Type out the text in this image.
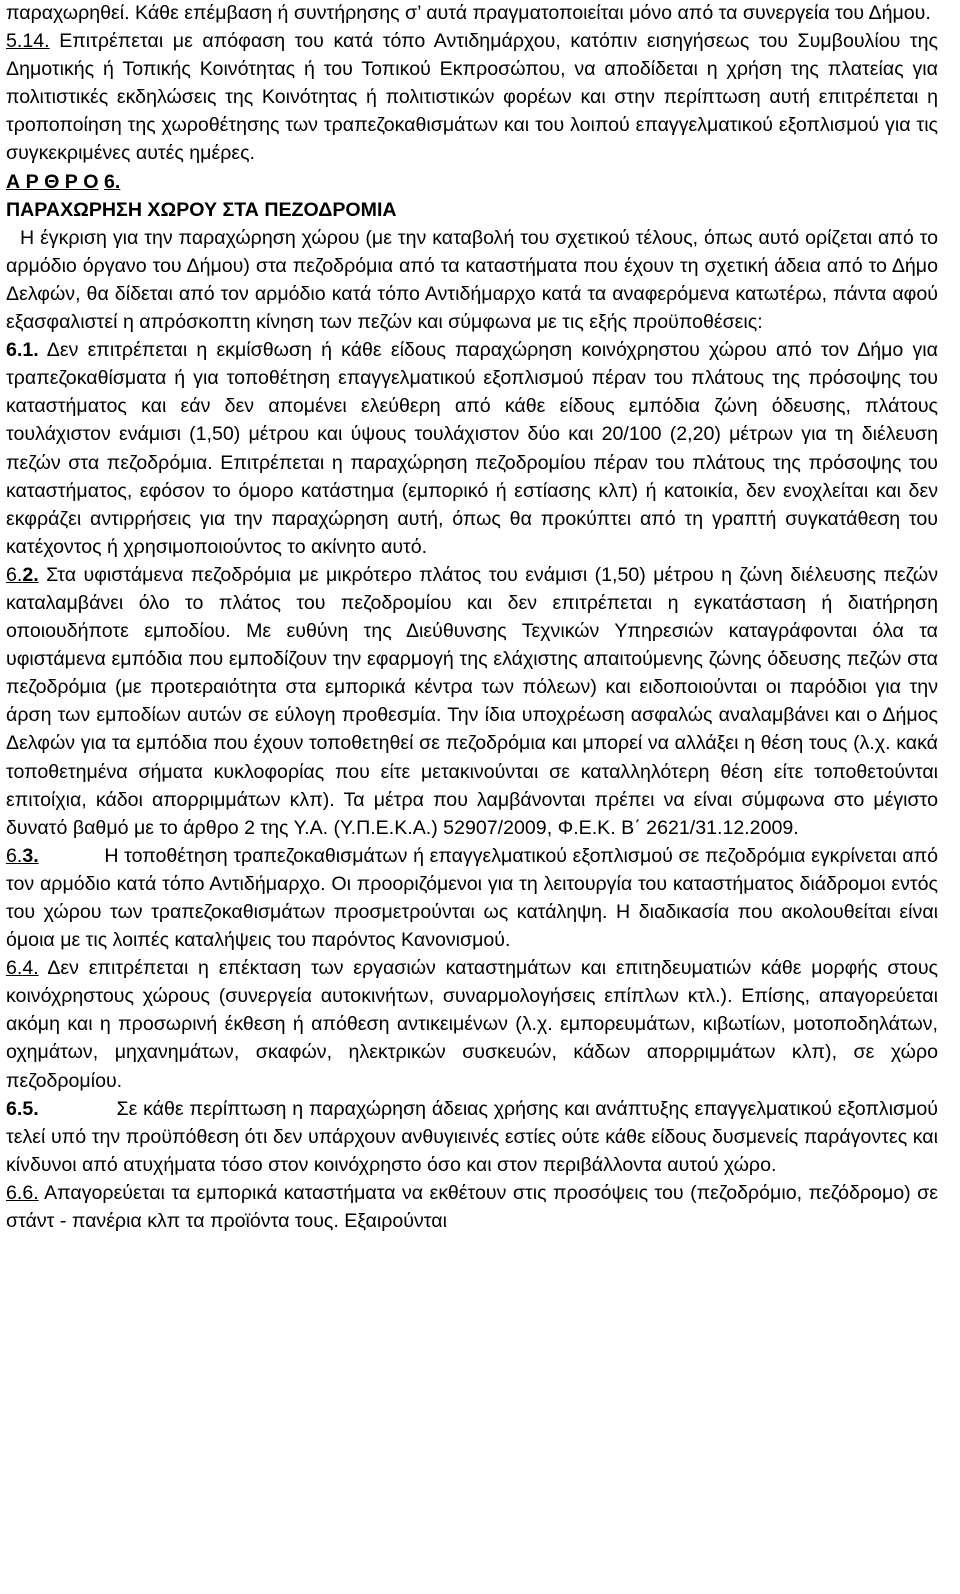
παραχωρηθεί. Κάθε επέμβαση ή συντήρησης σ’ αυτά πραγματοποιείται μόνο από τα συνεργεία του Δήμου.

5.14. Επιτρέπεται με απόφαση του κατά τόπο Αντιδημάρχου, κατόπιν εισηγήσεως του Συμβουλίου της Δημοτικής ή Τοπικής Κοινότητας ή του Τοπικού Εκπροσώπου, να αποδίδεται η χρήση της πλατείας για πολιτιστικές εκδηλώσεις της Κοινότητας ή πολιτιστικών φορέων και στην περίπτωση αυτή επιτρέπεται η τροποποίηση της χωροθέτησης των τραπεζοκαθισμάτων και του λοιπού επαγγελματικού εξοπλισμού για τις συγκεκριμένες αυτές ημέρες.

Α Ρ Θ Ρ Ο 6.

ΠΑΡΑΧΩΡΗΣΗ ΧΩΡΟΥ ΣΤΑ ΠΕΖΟΔΡΟΜΙΑ

Η έγκριση για την παραχώρηση χώρου (με την καταβολή του σχετικού τέλους, όπως αυτό ορίζεται από το αρμόδιο όργανο του Δήμου) στα πεζοδρόμια από τα καταστήματα που έχουν τη σχετική άδεια από το Δήμο Δελφών, θα δίδεται από τον αρμόδιο κατά τόπο Αντιδήμαρχο κατά τα αναφερόμενα κατωτέρω, πάντα αφού εξασφαλιστεί η απρόσκοπτη κίνηση των πεζών και σύμφωνα με τις εξής προϋποθέσεις:

6.1. Δεν επιτρέπεται η εκμίσθωση ή κάθε είδους παραχώρηση κοινόχρηστου χώρου από τον Δήμο για τραπεζοκαθίσματα ή για τοποθέτηση επαγγελματικού εξοπλισμού πέραν του πλάτους της πρόσοψης του καταστήματος και εάν δεν απομένει ελεύθερη από κάθε είδους εμπόδια ζώνη όδευσης, πλάτους τουλάχιστον ενάμισι (1,50) μέτρου και ύψους τουλάχιστον δύο και 20/100 (2,20) μέτρων για τη διέλευση πεζών στα πεζοδρόμια. Επιτρέπεται η παραχώρηση πεζοδρομίου πέραν του πλάτους της πρόσοψης του καταστήματος, εφόσον το όμορο κατάστημα (εμπορικό ή εστίασης κλπ) ή κατοικία, δεν ενοχλείται και δεν εκφράζει αντιρρήσεις για την παραχώρηση αυτή, όπως θα προκύπτει από τη γραπτή συγκατάθεση του κατέχοντος ή χρησιμοποιούντος το ακίνητο αυτό.

6.2. Στα υφιστάμενα πεζοδρόμια με μικρότερο πλάτος του ενάμισι (1,50) μέτρου η ζώνη διέλευσης πεζών καταλαμβάνει όλο το πλάτος του πεζοδρομίου και δεν επιτρέπεται η εγκατάσταση ή διατήρηση οποιουδήποτε εμποδίου. Με ευθύνη της Διεύθυνσης Τεχνικών Υπηρεσιών καταγράφονται όλα τα υφιστάμενα εμπόδια που εμποδίζουν την εφαρμογή της ελάχιστης απαιτούμενης ζώνης όδευσης πεζών στα πεζοδρόμια (με προτεραιότητα στα εμπορικά κέντρα των πόλεων) και ειδοποιούνται οι παρόδιοι για την άρση των εμποδίων αυτών σε εύλογη προθεσμία. Την ίδια υποχρέωση ασφαλώς αναλαμβάνει και ο Δήμος Δελφών για τα εμπόδια που έχουν τοποθετηθεί σε πεζοδρόμια και μπορεί να αλλάξει η θέση τους (λ.χ. κακά τοποθετημένα σήματα κυκλοφορίας που είτε μετακινούνται σε καταλληλότερη θέση είτε τοποθετούνται επιτοίχια, κάδοι απορριμμάτων κλπ). Τα μέτρα που λαμβάνονται πρέπει να είναι σύμφωνα στο μέγιστο δυνατό βαθμό με το άρθρο 2 της Υ.Α. (Υ.Π.Ε.Κ.Α.) 52907/2009, Φ.Ε.Κ. Β΄ 2621/31.12.2009.

6.3.	Η τοποθέτηση τραπεζοκαθισμάτων ή επαγγελματικού εξοπλισμού σε πεζοδρόμια εγκρίνεται από τον αρμόδιο κατά τόπο Αντιδήμαρχο. Οι προοριζόμενοι για τη λειτουργία του καταστήματος διάδρομοι εντός του χώρου των τραπεζοκαθισμάτων προσμετρούνται ως κατάληψη. Η διαδικασία που ακολουθείται είναι όμοια με τις λοιπές καταλήψεις του παρόντος Κανονισμού.

6.4. Δεν επιτρέπεται η επέκταση των εργασιών καταστημάτων και επιτηδευματιών κάθε μορφής στους κοινόχρηστους χώρους (συνεργεία αυτοκινήτων, συναρμολογήσεις επίπλων κτλ.). Επίσης, απαγορεύεται ακόμη και η προσωρινή έκθεση ή απόθεση αντικειμένων (λ.χ. εμπορευμάτων, κιβωτίων, μοτοποδηλάτων, οχημάτων, μηχανημάτων, σκαφών, ηλεκτρικών συσκευών, κάδων απορριμμάτων κλπ), σε χώρο πεζοδρομίου.

6.5.	Σε κάθε περίπτωση η παραχώρηση άδειας χρήσης και ανάπτυξης επαγγελματικού εξοπλισμού τελεί υπό την προϋπόθεση ότι δεν υπάρχουν ανθυγιεινές εστίες ούτε κάθε είδους δυσμενείς παράγοντες και κίνδυνοι από ατυχήματα τόσο στον κοινόχρηστο όσο και στον περιβάλλοντα αυτού χώρο.

6.6. Απαγορεύεται τα εμπορικά καταστήματα να εκθέτουν στις προσόψεις του (πεζοδρόμιο, πεζόδρομο) σε στάντ - πανέρια κλπ τα προϊόντα τους. Εξαιρούνται
